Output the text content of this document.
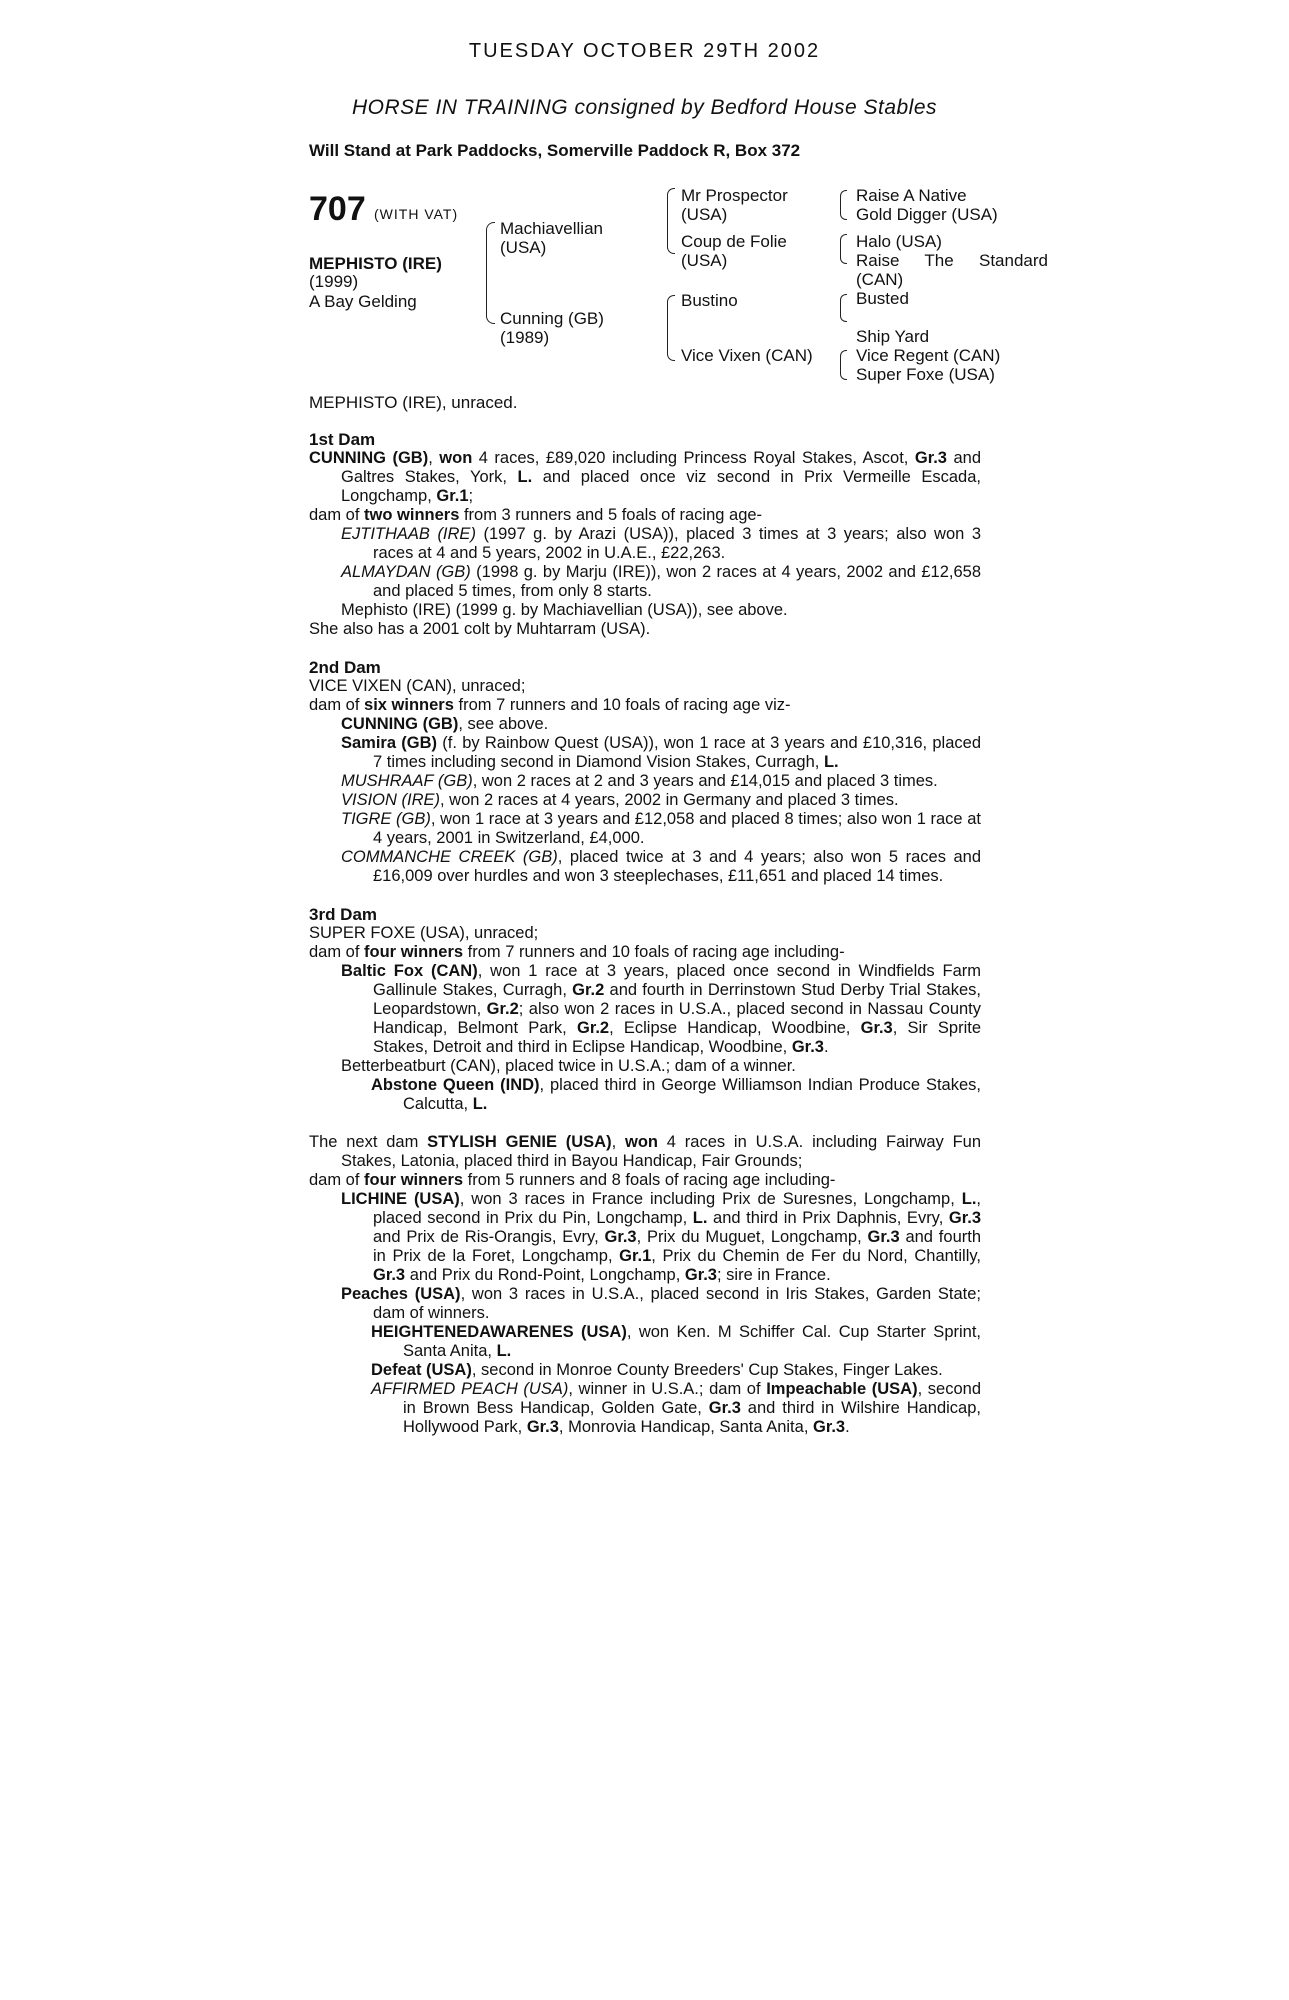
TUESDAY OCTOBER 29TH 2002
HORSE IN TRAINING consigned by Bedford House Stables
Will Stand at Park Paddocks, Somerville Paddock R, Box 372
707 (WITH VAT)
MEPHISTO (IRE)
(1999)
A Bay Gelding
Machiavellian (USA)
Cunning (GB) (1989)
Mr Prospector (USA)
Coup de Folie (USA)
Bustino
Vice Vixen (CAN)
Raise A Native
Gold Digger (USA)
Halo (USA)
Raise The Standard (CAN)
Busted
Ship Yard
Vice Regent (CAN)
Super Foxe (USA)
MEPHISTO (IRE), unraced.

1st Dam

CUNNING (GB), won 4 races, £89,020 including Princess Royal Stakes, Ascot, Gr.3 and Galtres Stakes, York, L. and placed once viz second in Prix Vermeille Escada, Longchamp, Gr.1;

dam of two winners from 3 runners and 5 foals of racing age-

EJTITHAAB (IRE) (1997 g. by Arazi (USA)), placed 3 times at 3 years; also won 3 races at 4 and 5 years, 2002 in U.A.E., £22,263.

ALMAYDAN (GB) (1998 g. by Marju (IRE)), won 2 races at 4 years, 2002 and £12,658 and placed 5 times, from only 8 starts.

Mephisto (IRE) (1999 g. by Machiavellian (USA)), see above.

She also has a 2001 colt by Muhtarram (USA).

2nd Dam

VICE VIXEN (CAN), unraced;

dam of six winners from 7 runners and 10 foals of racing age viz-

CUNNING (GB), see above.

Samira (GB) (f. by Rainbow Quest (USA)), won 1 race at 3 years and £10,316, placed 7 times including second in Diamond Vision Stakes, Curragh, L.

MUSHRAAF (GB), won 2 races at 2 and 3 years and £14,015 and placed 3 times.

VISION (IRE), won 2 races at 4 years, 2002 in Germany and placed 3 times.

TIGRE (GB), won 1 race at 3 years and £12,058 and placed 8 times; also won 1 race at 4 years, 2001 in Switzerland, £4,000.

COMMANCHE CREEK (GB), placed twice at 3 and 4 years; also won 5 races and £16,009 over hurdles and won 3 steeplechases, £11,651 and placed 14 times.

3rd Dam

SUPER FOXE (USA), unraced;

dam of four winners from 7 runners and 10 foals of racing age including-

Baltic Fox (CAN), won 1 race at 3 years, placed once second in Windfields Farm Gallinule Stakes, Curragh, Gr.2 and fourth in Derrinstown Stud Derby Trial Stakes, Leopardstown, Gr.2; also won 2 races in U.S.A., placed second in Nassau County Handicap, Belmont Park, Gr.2, Eclipse Handicap, Woodbine, Gr.3, Sir Sprite Stakes, Detroit and third in Eclipse Handicap, Woodbine, Gr.3.

Betterbeatburt (CAN), placed twice in U.S.A.; dam of a winner.

Abstone Queen (IND), placed third in George Williamson Indian Produce Stakes, Calcutta, L.

The next dam STYLISH GENIE (USA), won 4 races in U.S.A. including Fairway Fun Stakes, Latonia, placed third in Bayou Handicap, Fair Grounds;

dam of four winners from 5 runners and 8 foals of racing age including-

LICHINE (USA), won 3 races in France including Prix de Suresnes, Longchamp, L., placed second in Prix du Pin, Longchamp, L. and third in Prix Daphnis, Evry, Gr.3 and Prix de Ris-Orangis, Evry, Gr.3, Prix du Muguet, Longchamp, Gr.3 and fourth in Prix de la Foret, Longchamp, Gr.1, Prix du Chemin de Fer du Nord, Chantilly, Gr.3 and Prix du Rond-Point, Longchamp, Gr.3; sire in France.

Peaches (USA), won 3 races in U.S.A., placed second in Iris Stakes, Garden State; dam of winners.

HEIGHTENEDAWARENES (USA), won Ken. M Schiffer Cal. Cup Starter Sprint, Santa Anita, L.

Defeat (USA), second in Monroe County Breeders' Cup Stakes, Finger Lakes.

AFFIRMED PEACH (USA), winner in U.S.A.; dam of Impeachable (USA), second in Brown Bess Handicap, Golden Gate, Gr.3 and third in Wilshire Handicap, Hollywood Park, Gr.3, Monrovia Handicap, Santa Anita, Gr.3.
